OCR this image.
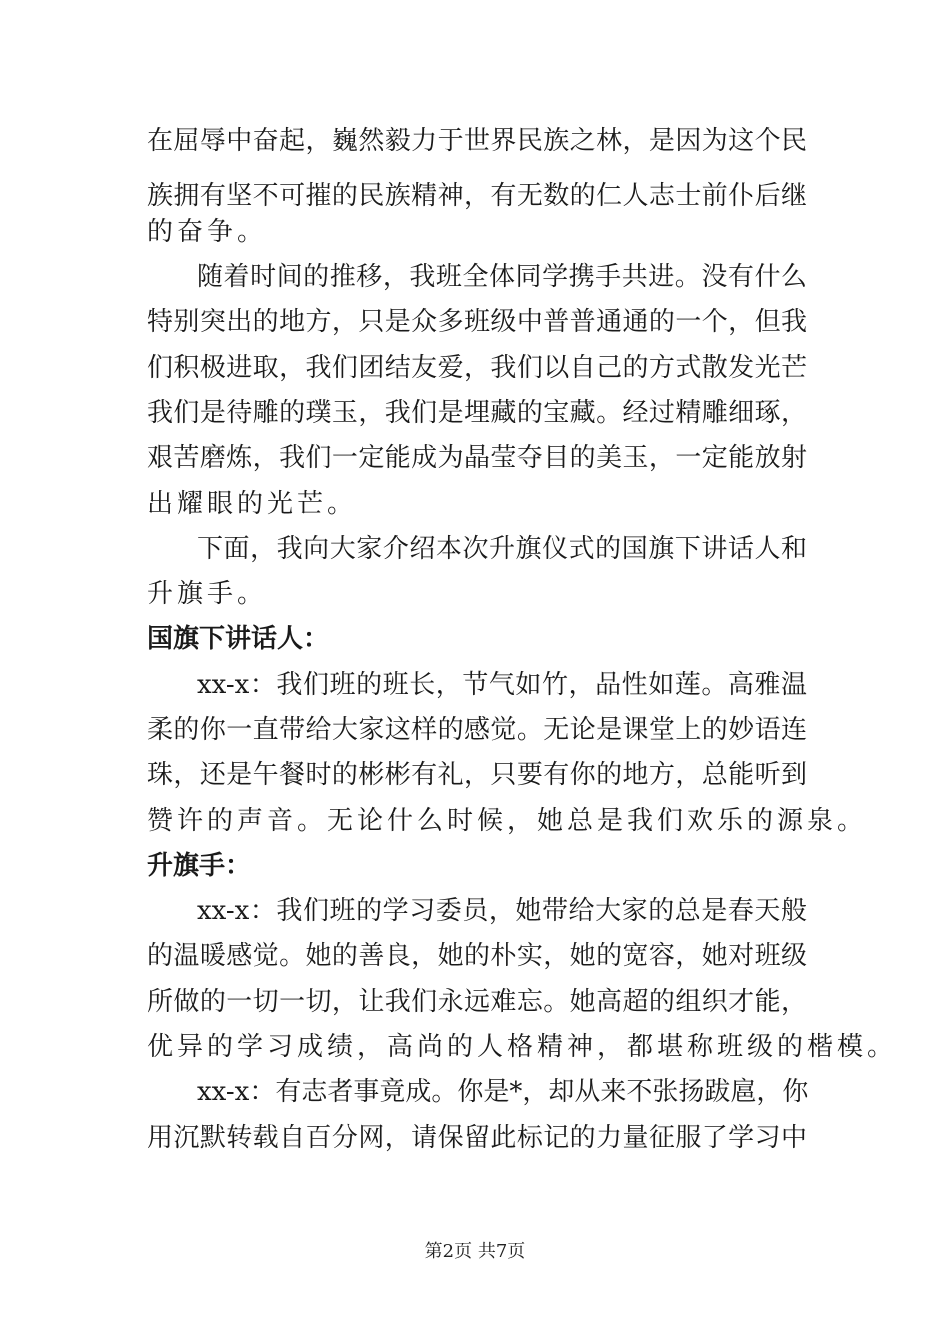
在屈辱中奋起，巍然毅力于世界民族之林，是因为这个民
族拥有坚不可摧的民族精神，有无数的仁人志士前仆后继
的奋争。
随着时间的推移，我班全体同学携手共进。没有什么
特别突出的地方，只是众多班级中普普通通的一个，但我
们积极进取，我们团结友爱，我们以自己的方式散发光芒
我们是待雕的璞玉，我们是埋藏的宝藏。经过精雕细琢，
艰苦磨炼，我们一定能成为晶莹夺目的美玉，一定能放射
出耀眼的光芒。
下面，我向大家介绍本次升旗仪式的国旗下讲话人和
升旗手。
国旗下讲话人：
xx-x：我们班的班长，节气如竹，品性如莲。高雅温
柔的你一直带给大家这样的感觉。无论是课堂上的妙语连
珠，还是午餐时的彬彬有礼，只要有你的地方，总能听到
赞许的声音。无论什么时候，她总是我们欢乐的源泉。
升旗手：
xx-x：我们班的学习委员，她带给大家的总是春天般
的温暖感觉。她的善良，她的朴实，她的宽容，她对班级
所做的一切一切，让我们永远难忘。她高超的组织才能，
优异的学习成绩，高尚的人格精神，都堪称班级的楷模。
xx-x：有志者事竟成。你是*，却从来不张扬跋扈，你
用沉默转载自百分网，请保留此标记的力量征服了学习中
第2页 共7页
